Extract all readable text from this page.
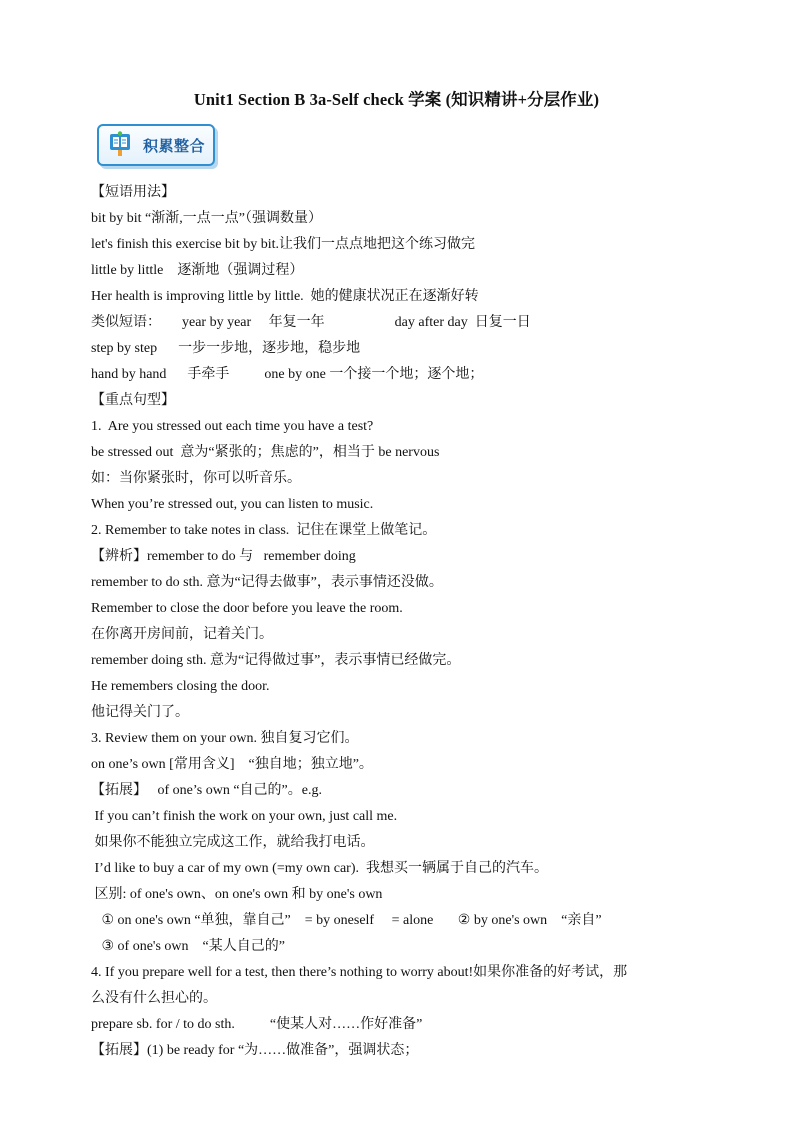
Unit1 Section B 3a-Self check 学案 (知识精讲+分层作业)
积累整合
【短语用法】
bit by bit “渐渐,一点一点”（强调数量）
let's finish this exercise bit by bit.让我们一点点地把这个练习做完
little by little    逐渐地（强调过程）
Her health is improving little by little.  她的健康状况正在逐渐好转
类似短语：      year by year     年复一年                    day after day  日复一日
step by step      一步一步地，逐步地，稳步地
hand by hand      手牵手          one by one 一个接一个地；逐个地；
【重点句型】
1.  Are you stressed out each time you have a test?
be stressed out  意为“紧张的；焦虑的”，相当于 be nervous
如：当你紧张时，你可以听音乐。
When you’re stressed out, you can listen to music.
2. Remember to take notes in class.  记住在课堂上做笔记。
【辨析】remember to do 与   remember doing
remember to do sth. 意为“记得去做事”，表示事情还没做。
Remember to close the door before you leave the room.
在你离开房间前，记着关门。
remember doing sth. 意为“记得做过事”，表示事情已经做完。
He remembers closing the door.
他记得关门了。
3. Review them on your own. 独自复习它们。
on one’s own [常用含义]    “独自地；独立地”。
【拓展】   of one’s own “自己的”。e.g.
If you can’t finish the work on your own, just call me.
如果你不能独立完成这工作，就给我打电话。
I’d like to buy a car of my own (=my own car).  我想买一辆属于自己的汽车。
区别: of one's own、on one's own 和 by one's own
① on one's own “单独，靠自己”    = by oneself     = alone       ② by one's own    “亲自”
③ of one's own    “某人自己的”
4. If you prepare well for a test, then there’s nothing to worry about!如果你准备的好考试，那
么没有什么担心的。
prepare sb. for / to do sth.          “使某人对……作好准备”
【拓展】(1) be ready for “为……做准备”，强调状态；
